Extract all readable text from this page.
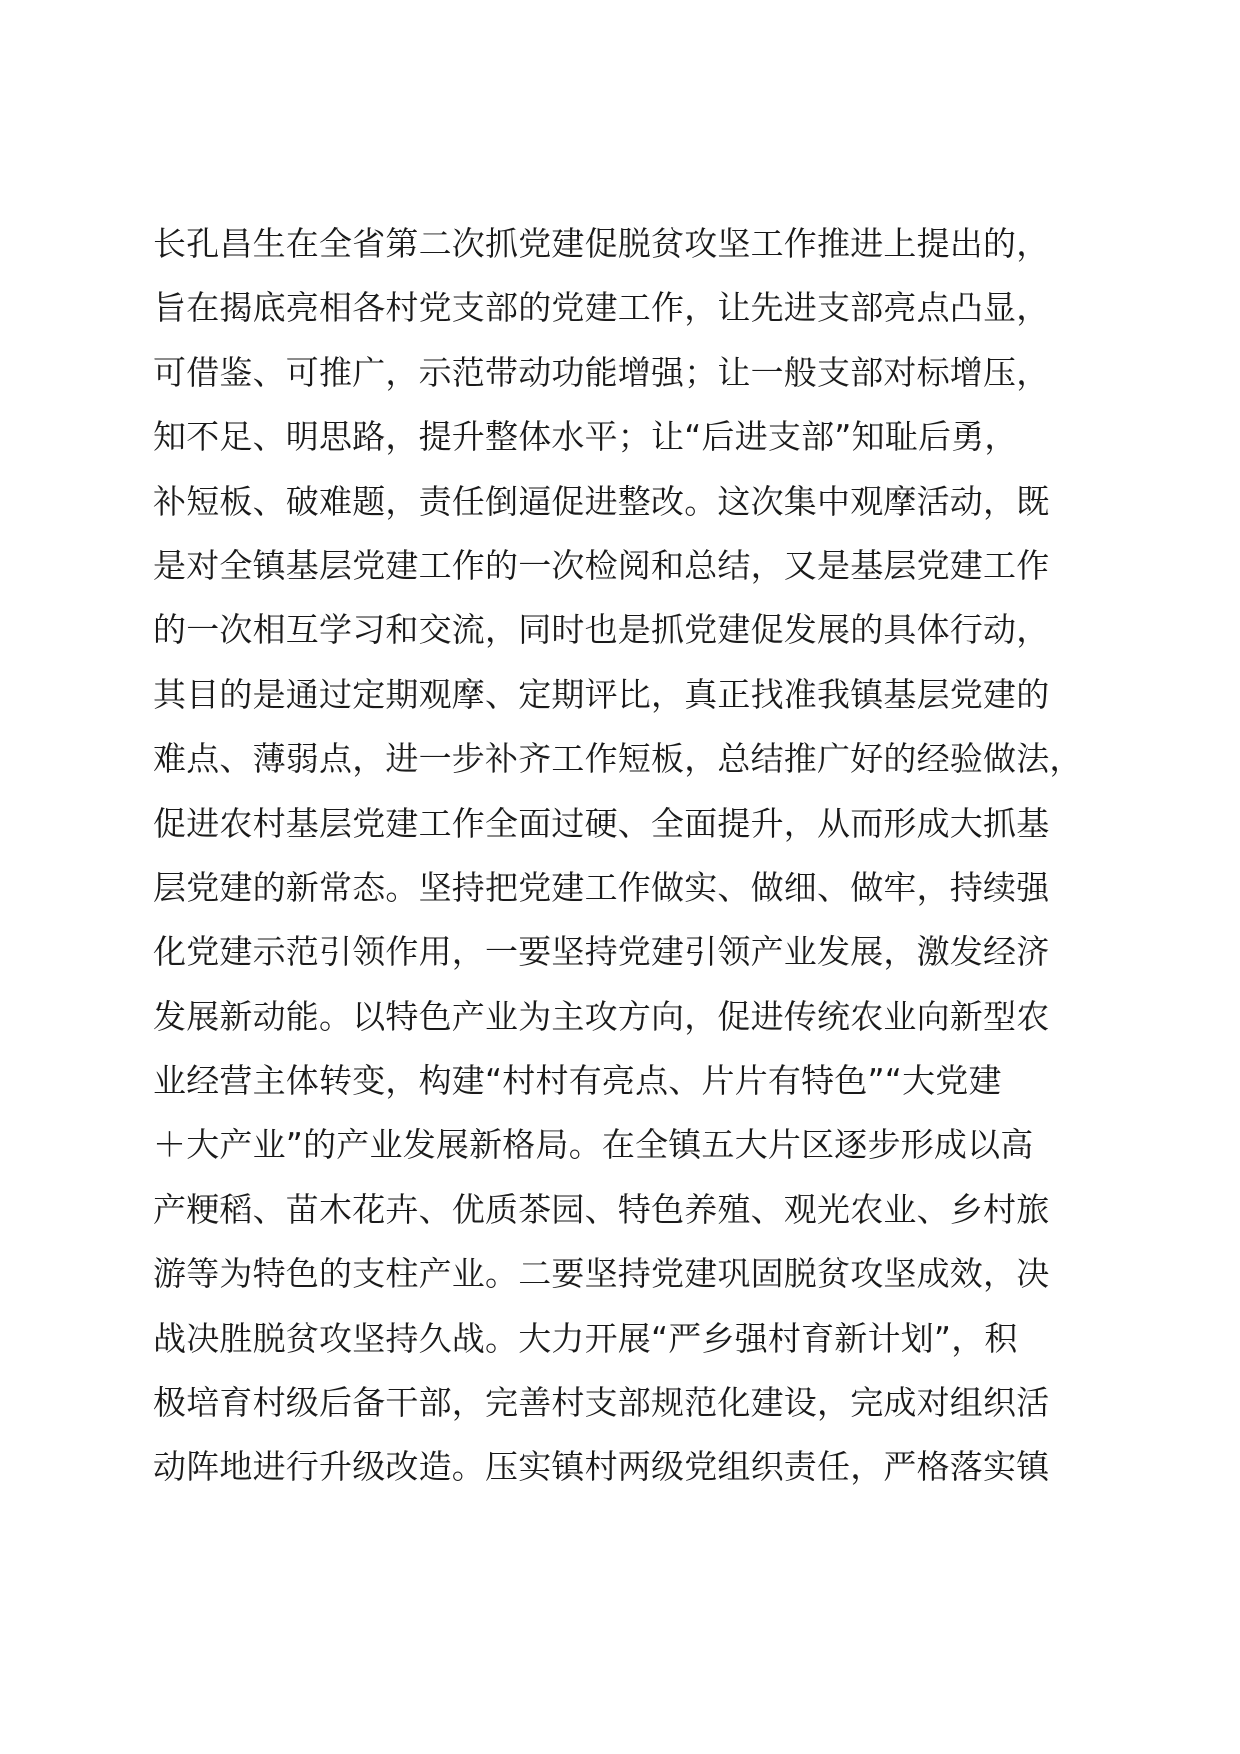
长孔昌生在全省第二次抓党建促脱贫攻坚工作推进上提出的，
旨在揭底亮相各村党支部的党建工作，让先进支部亮点凸显，
可借鉴、可推广，示范带动功能增强；让一般支部对标增压，
知不足、明思路，提升整体水平；让“后进支部”知耻后勇，
补短板、破难题，责任倒逼促进整改。这次集中观摩活动，既
是对全镇基层党建工作的一次检阅和总结，又是基层党建工作
的一次相互学习和交流，同时也是抓党建促发展的具体行动，
其目的是通过定期观摩、定期评比，真正找准我镇基层党建的
难点、薄弱点，进一步补齐工作短板，总结推广好的经验做法，
促进农村基层党建工作全面过硬、全面提升，从而形成大抓基
层党建的新常态。坚持把党建工作做实、做细、做牢，持续强
化党建示范引领作用，一要坚持党建引领产业发展，激发经济
发展新动能。以特色产业为主攻方向，促进传统农业向新型农
业经营主体转变，构建“村村有亮点、片片有特色”“大党建
＋大产业”的产业发展新格局。在全镇五大片区逐步形成以高
产粳稻、苗木花卉、优质茶园、特色养殖、观光农业、乡村旅
游等为特色的支柱产业。二要坚持党建巩固脱贫攻坚成效，决
战决胜脱贫攻坚持久战。大力开展“严乡强村育新计划”，积
极培育村级后备干部，完善村支部规范化建设，完成对组织活
动阵地进行升级改造。压实镇村两级党组织责任，严格落实镇
